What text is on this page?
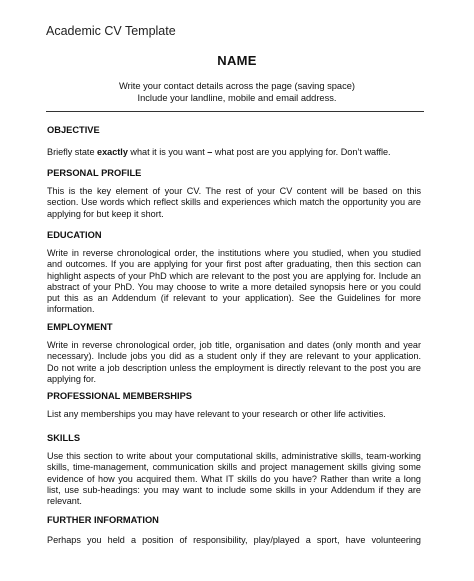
Academic CV Template
NAME
Write your contact details across the page (saving space)
Include your landline, mobile and email address.
OBJECTIVE
Briefly state exactly what it is you want – what post are you applying for. Don’t waffle.
PERSONAL PROFILE
This is the key element of your CV. The rest of your CV content will be based on this
section. Use words which reflect skills and experiences which match the opportunity you are
applying for but keep it short.
EDUCATION
Write in reverse chronological order, the institutions where you studied, when you studied
and outcomes. If you are applying for your first post after graduating, then this section can
highlight aspects of your PhD which are relevant to the post you are applying for. Include an
abstract of your PhD. You may choose to write a more detailed synopsis here or you could
put this as an Addendum (if relevant to your application). See the Guidelines for more
information.
EMPLOYMENT
Write in reverse chronological order, job title, organisation and dates (only month and year
necessary). Include jobs you did as a student only if they are relevant to your application.
Do not write a job description unless the employment is directly relevant to the post you are
applying for.
PROFESSIONAL MEMBERSHIPS
List any memberships you may have relevant to your research or other life activities.
SKILLS
Use this section to write about your computational skills, administrative skills, team-working
skills, time-management, communication skills and project management skills giving some
evidence of how you acquired them. What IT skills do you have? Rather than write a long
list, use sub-headings: you may want to include some skills in your Addendum if they are
relevant.
FURTHER INFORMATION
Perhaps you held a position of responsibility, play/played a sport, have volunteering
